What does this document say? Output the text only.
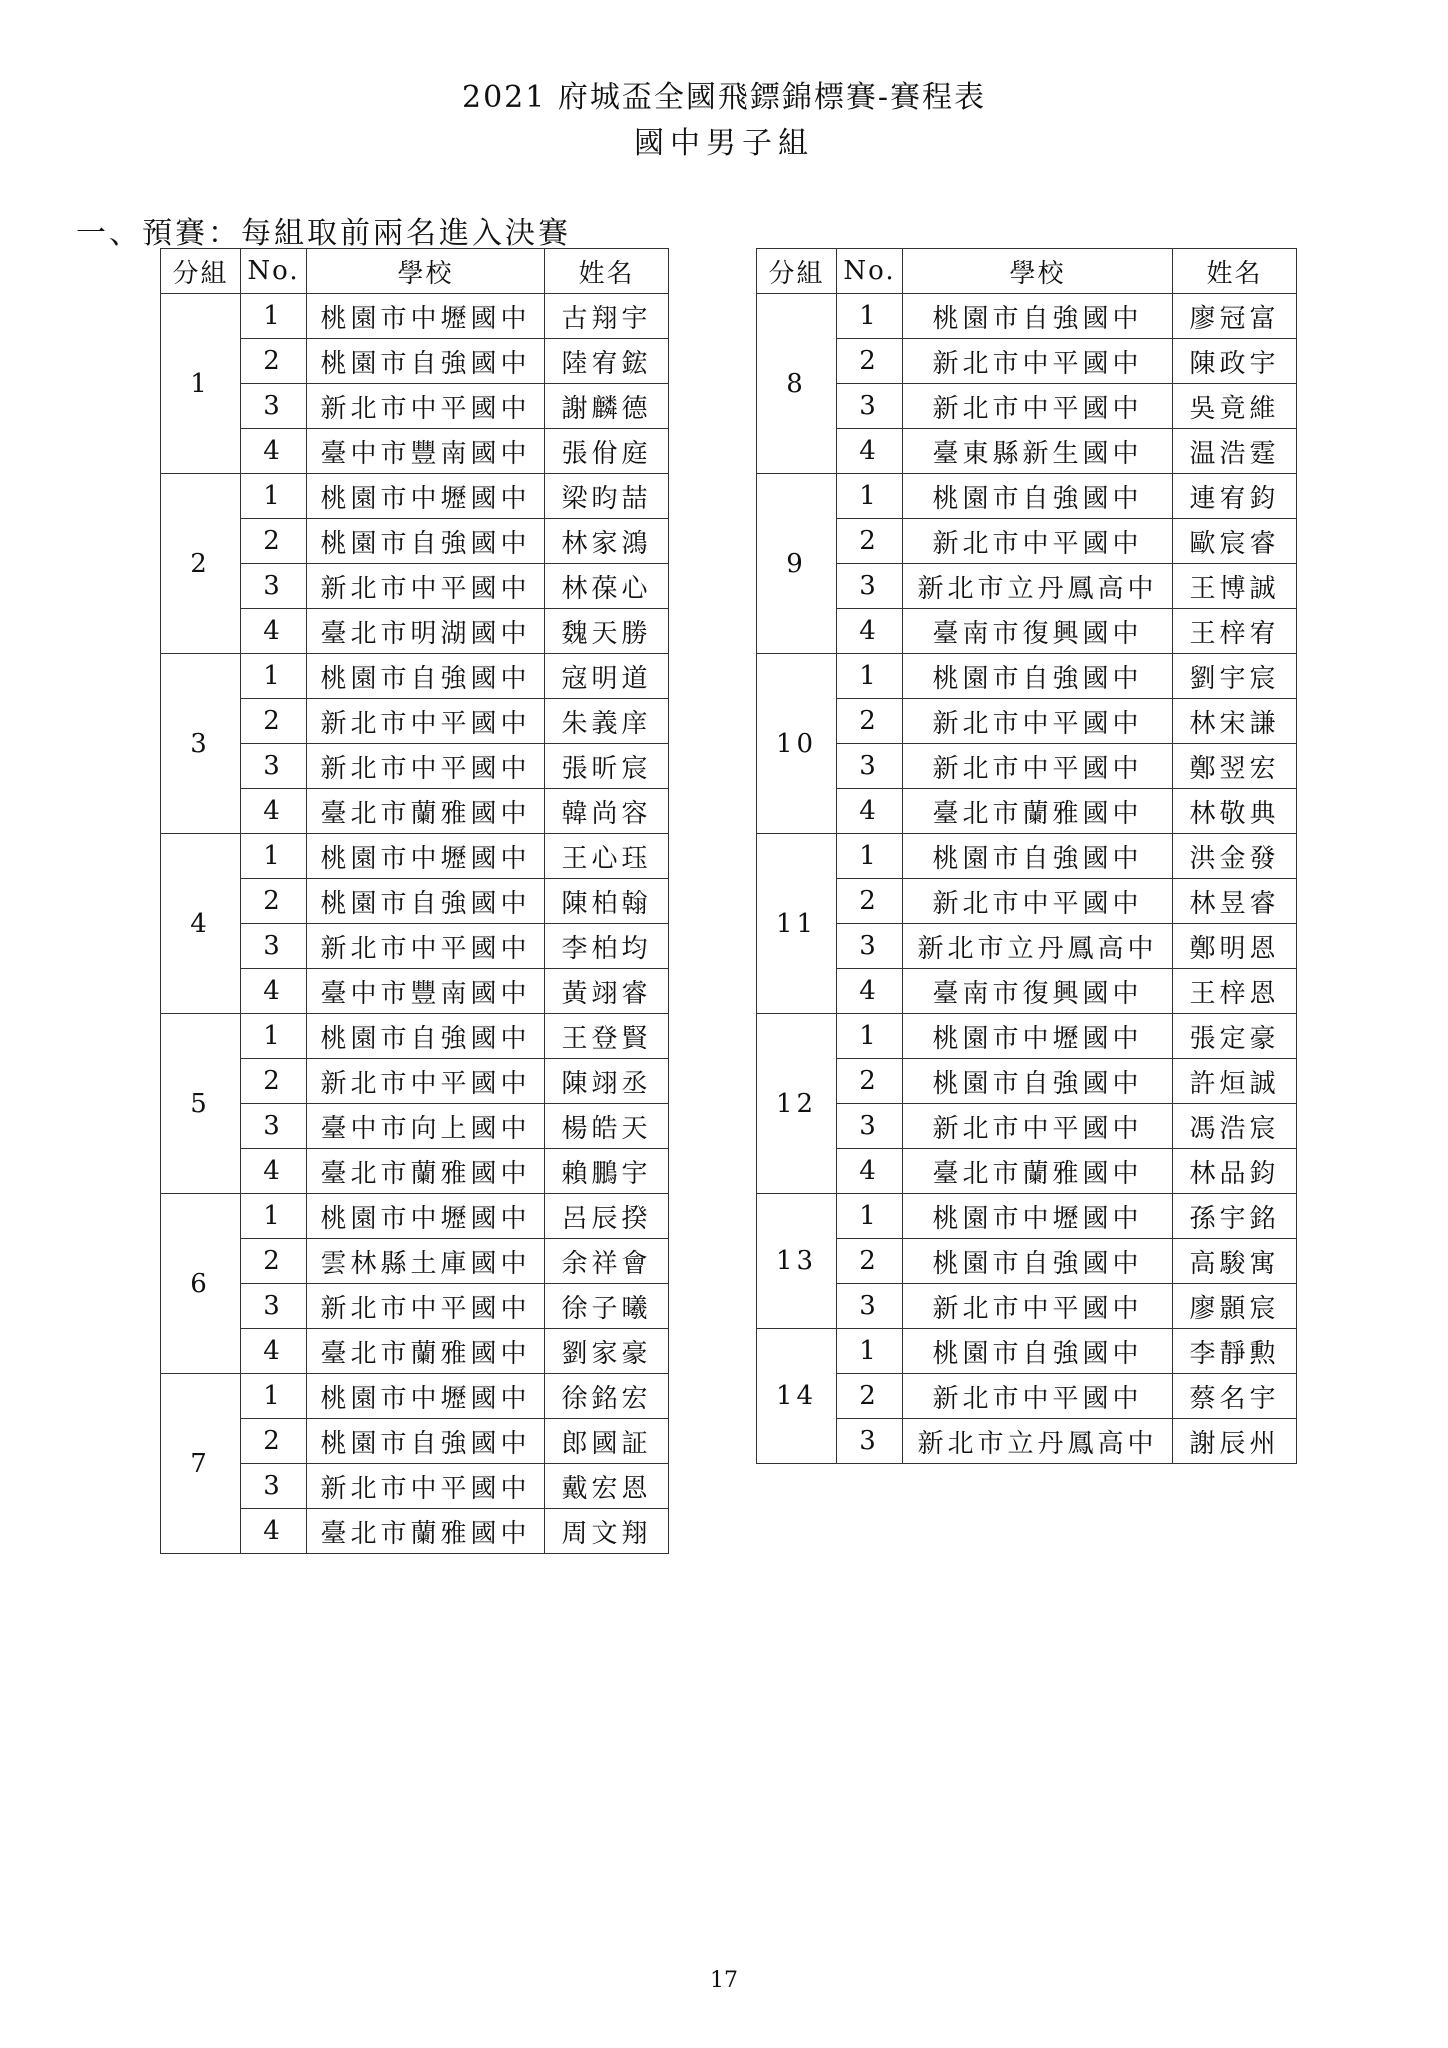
2021 府城盃全國飛鏢錦標賽-賽程表
國中男子組
一、預賽：每組取前兩名進入決賽
分組	No.	學校	姓名
1	1	桃園市中壢國中	古翔宇
	2	桃園市自強國中	陸宥鋐
	3	新北市中平國中	謝麟德
	4	臺中市豐南國中	張佾庭
2	1	桃園市中壢國中	梁昀喆
	2	桃園市自強國中	林家鴻
	3	新北市中平國中	林葆心
	4	臺北市明湖國中	魏天勝
3	1	桃園市自強國中	寇明道
	2	新北市中平國中	朱義庠
	3	新北市中平國中	張昕宸
	4	臺北市蘭雅國中	韓尚容
4	1	桃園市中壢國中	王心珏
	2	桃園市自強國中	陳柏翰
	3	新北市中平國中	李柏均
	4	臺中市豐南國中	黃翊睿
5	1	桃園市自強國中	王登賢
	2	新北市中平國中	陳翊丞
	3	臺中市向上國中	楊皓天
	4	臺北市蘭雅國中	賴鵬宇
6	1	桃園市中壢國中	呂辰揆
	2	雲林縣土庫國中	余祥會
	3	新北市中平國中	徐子曦
	4	臺北市蘭雅國中	劉家豪
7	1	桃園市中壢國中	徐銘宏
	2	桃園市自強國中	郎國証
	3	新北市中平國中	戴宏恩
	4	臺北市蘭雅國中	周文翔
分組	No.	學校	姓名
8	1	桃園市自強國中	廖冠富
	2	新北市中平國中	陳政宇
	3	新北市中平國中	吳竟維
	4	臺東縣新生國中	温浩霆
9	1	桃園市自強國中	連宥鈞
	2	新北市中平國中	歐宸睿
	3	新北市立丹鳳高中	王博誠
	4	臺南市復興國中	王梓宥
10	1	桃園市自強國中	劉宇宸
	2	新北市中平國中	林宋謙
	3	新北市中平國中	鄭翌宏
	4	臺北市蘭雅國中	林敬典
11	1	桃園市自強國中	洪金發
	2	新北市中平國中	林昱睿
	3	新北市立丹鳳高中	鄭明恩
	4	臺南市復興國中	王梓恩
12	1	桃園市中壢國中	張定豪
	2	桃園市自強國中	許烜誠
	3	新北市中平國中	馮浩宸
	4	臺北市蘭雅國中	林品鈞
13	1	桃園市中壢國中	孫宇銘
	2	桃園市自強國中	高駿寓
	3	新北市中平國中	廖顥宸
14	1	桃園市自強國中	李靜勲
	2	新北市中平國中	蔡名宇
	3	新北市立丹鳳高中	謝辰州
17
